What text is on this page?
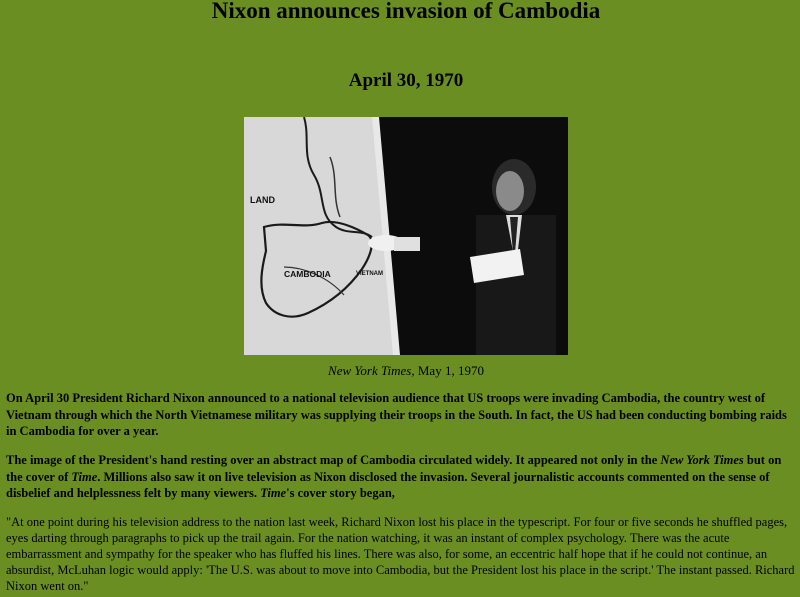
Nixon announces invasion of Cambodia
April 30, 1970
LAND
CAMBODIA	VIETNAM
New York Times, May 1, 1970

On April 30 President Richard Nixon announced to a national television audience that US troops were invading Cambodia, the country west of Vietnam through which the North Vietnamese military was supplying their troops in the South. In fact, the US had been conducting bombing raids in Cambodia for over a year.

The image of the President's hand resting over an abstract map of Cambodia circulated widely. It appeared not only in the New York Times but on the cover of Time. Millions also saw it on live television as Nixon disclosed the invasion. Several journalistic accounts commented on the sense of disbelief and helplessness felt by many viewers. Time's cover story began,

"At one point during his television address to the nation last week, Richard Nixon lost his place in the typescript. For four or five seconds he shuffled pages, eyes darting through paragraphs to pick up the trail again. For the nation watching, it was an instant of complex psychology. There was the acute embarrassment and sympathy for the speaker who has fluffed his lines. There was also, for some, an eccentric half hope that if he could not continue, an absurdist, McLuhan logic would apply: 'The U.S. was about to move into Cambodia, but the President lost his place in the script.' The instant passed. Richard Nixon went on."
